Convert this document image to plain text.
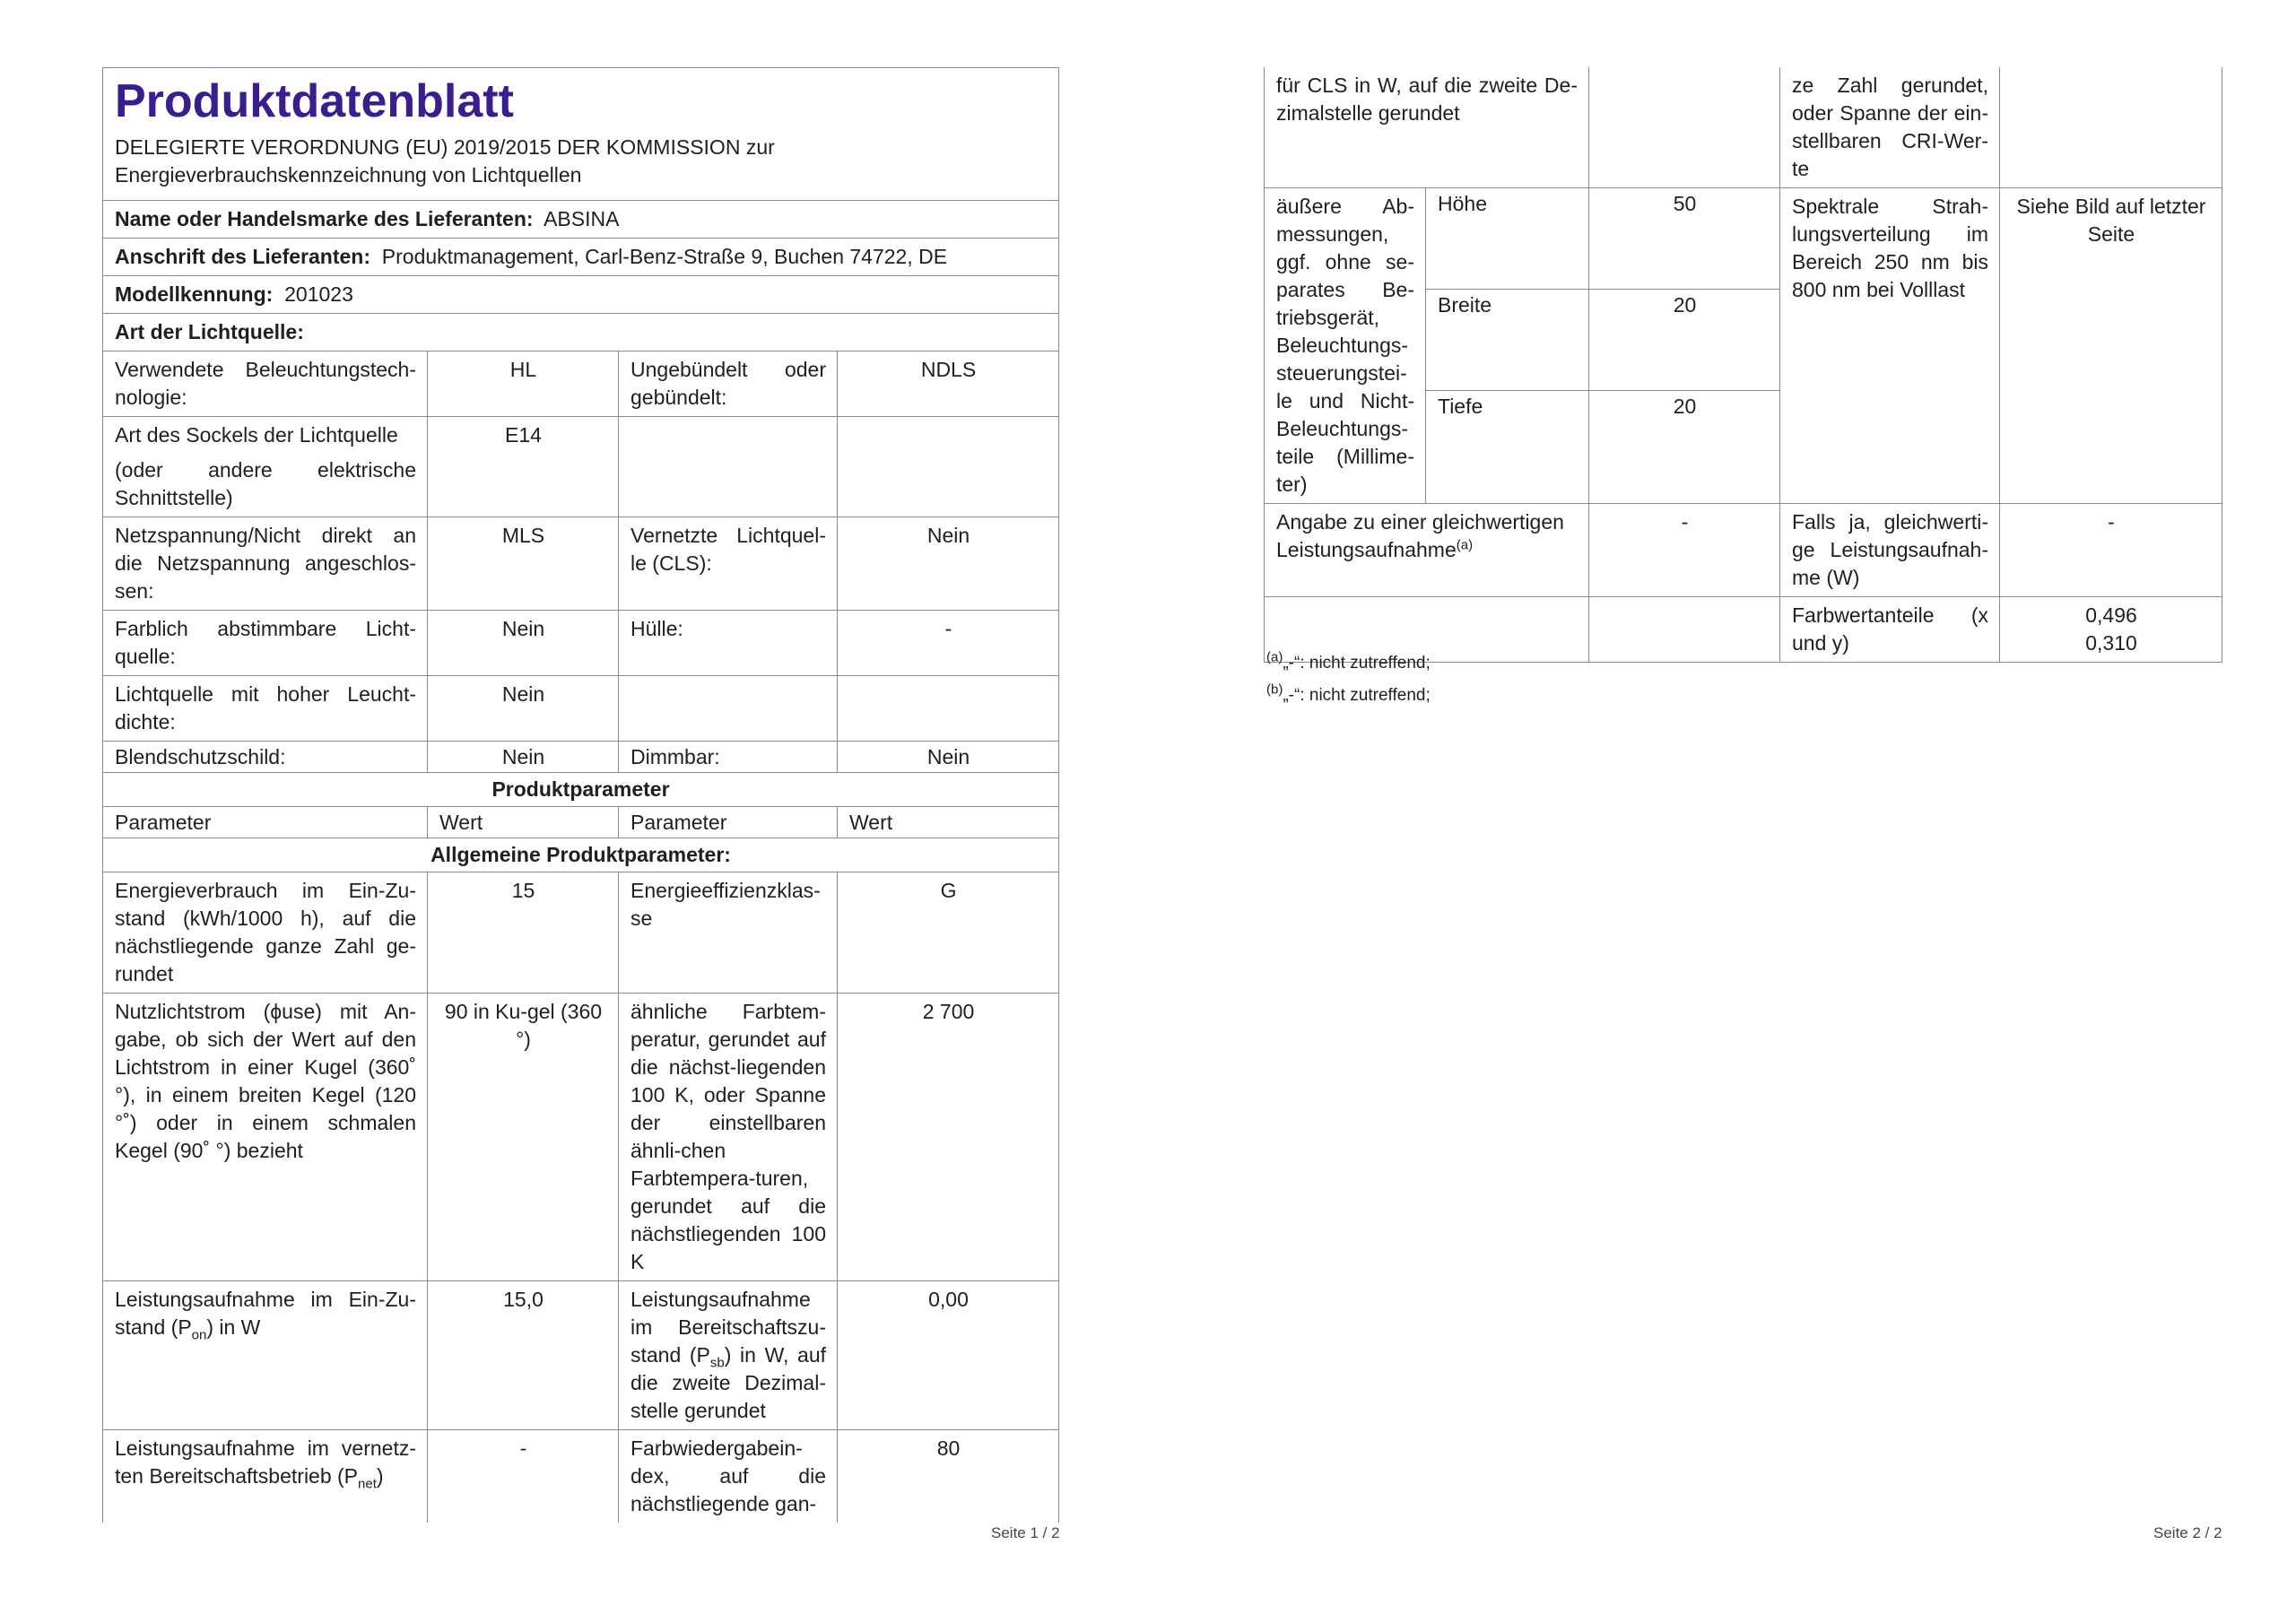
Produktdatenblatt
DELEGIERTE VERORDNUNG (EU) 2019/2015 DER KOMMISSION zur Energieverbrauchskennzeichnung von Lichtquellen			

Name oder Handelsmarke des Lieferanten: ABSINA			
Anschrift des Lieferanten: Produktmanagement, Carl-Benz-Straße 9, Buchen 74722, DE			
Modellkennung: 201023			
Art der Lichtquelle:			
Verwendete Beleuchtungstech-nologie:	HL	Ungebündelt oder gebündelt:	NDLS

Art des Sockels der Lichtquelle
(oder andere elektrische Schnittstelle)	E14		
Netzspannung/Nicht direkt an die Netzspannung angeschlos-sen:	MLS	Vernetzte Lichtquel-le (CLS):	Nein
Farblich abstimmbare Licht-quelle:	Nein	Hülle:	-
Lichtquelle mit hoher Leucht-dichte:	Nein		
Blendschutzschild:	Nein	Dimmbar:	Nein
Produktparameter			
Parameter	Wert	Parameter	Wert
Allgemeine Produktparameter:			
Energieverbrauch im Ein-Zu-stand (kWh/1000 h), auf die nächstliegende ganze Zahl ge-rundet	15	Energieeffizienzklas-se	G
Nutzlichtstrom (ϕuse) mit An-gabe, ob sich der Wert auf den Lichtstrom in einer Kugel (360˚ °), in einem breiten Kegel (120 °˚) oder in einem schmalen Kegel (90˚ °) bezieht	90 in Ku-gel (360 °)	ähnliche Farbtem-peratur, gerundet auf die nächst-liegenden 100 K, oder Spanne der einstellbaren ähnli-chen Farbtempera-turen, gerundet auf die nächstliegenden 100 K	2 700
Leistungsaufnahme im Ein-Zu-stand $(P_{on})$ in W	15,0	Leistungsaufnahme im Bereitschaftszu-stand $(P_{sb})$ in W, auf die zweite Dezimal-stelle gerundet	0,00
Leistungsaufnahme im vernetz-ten Bereitschaftsbetrieb $(P_{net})$	-	Farbwiedergabein-dex, auf die nächstliegende gan-	80
Seite 1 / 2
für CLS in W, auf die zweite De-zimalstelle gerundet			ze Zahl gerundet, oder Spanne der ein-stellbaren CRI-Wer-te	
äußere Ab-messungen, ggf. ohne se-parates Be-triebsgerät, Beleuchtungs-steuerungstei-le und Nicht-Beleuchtungs-teile (Millime-ter)	Höhe	50	Spektrale Strah-lungsverteilung im Bereich 250 nm bis 800 nm bei Volllast	Siehe Bild auf letzter Seite
	Breite	20		
	Tiefe	20		
Angabe zu einer gleichwertigen Leistungsaufnahme$^{(a)}$		-	Falls ja, gleichwerti-ge Leistungsaufnah-me (W)	-
			Farbwertanteile (x und y)	0,496
0,310
$^{(a)}$„-“: nicht zutreffend;
$^{(b)}$„-“: nicht zutreffend;
Seite 2 / 2
